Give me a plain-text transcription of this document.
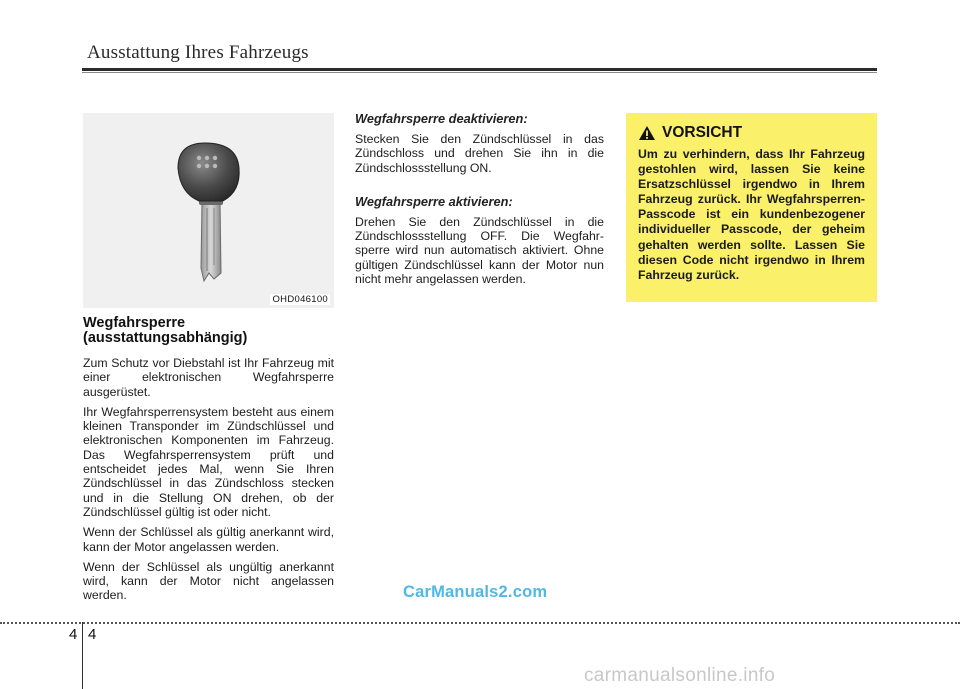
Ausstattung Ihres Fahrzeugs
OHD046100
Wegfahrsperre (ausstattungsabhängig)

Zum Schutz vor Diebstahl ist Ihr Fahrzeug mit einer elektronischen Wegfahrsperre ausgerüstet.

Ihr Wegfahrsperrensystem besteht aus einem kleinen Transponder im Zündschlüssel und elektronischen Komponenten im Fahrzeug. Das Wegfahrsperrensystem prüft und entscheidet jedes Mal, wenn Sie Ihren Zündschlüssel in das Zündschloss stecken und in die Stellung ON drehen, ob der Zündschlüssel gültig ist oder nicht.

Wenn der Schlüssel als gültig anerkannt wird, kann der Motor angelassen werden.

Wenn der Schlüssel als ungültig anerkannt wird, kann der Motor nicht angelassen werden.

Wegfahrsperre deaktivieren:

Stecken Sie den Zündschlüssel in das Zündschloss und drehen Sie ihn in die Zündschlossstellung ON.

Wegfahrsperre aktivieren:

Drehen Sie den Zündschlüssel in die Zündschlossstellung OFF. Die Wegfahr-sperre wird nun automatisch aktiviert. Ohne gültigen Zündschlüssel kann der Motor nun nicht mehr angelassen werden.

VORSICHT
Um zu verhindern, dass Ihr Fahrzeug gestohlen wird, lassen Sie keine Ersatzschlüssel irgendwo in Ihrem Fahrzeug zurück. Ihr Wegfahrsperren-Passcode ist ein kundenbezogener individueller Passcode, der geheim gehalten werden sollte. Lassen Sie diesen Code nicht irgendwo in Ihrem Fahrzeug zurück.
CarManuals2.com
4 4
carmanualsonline.info
